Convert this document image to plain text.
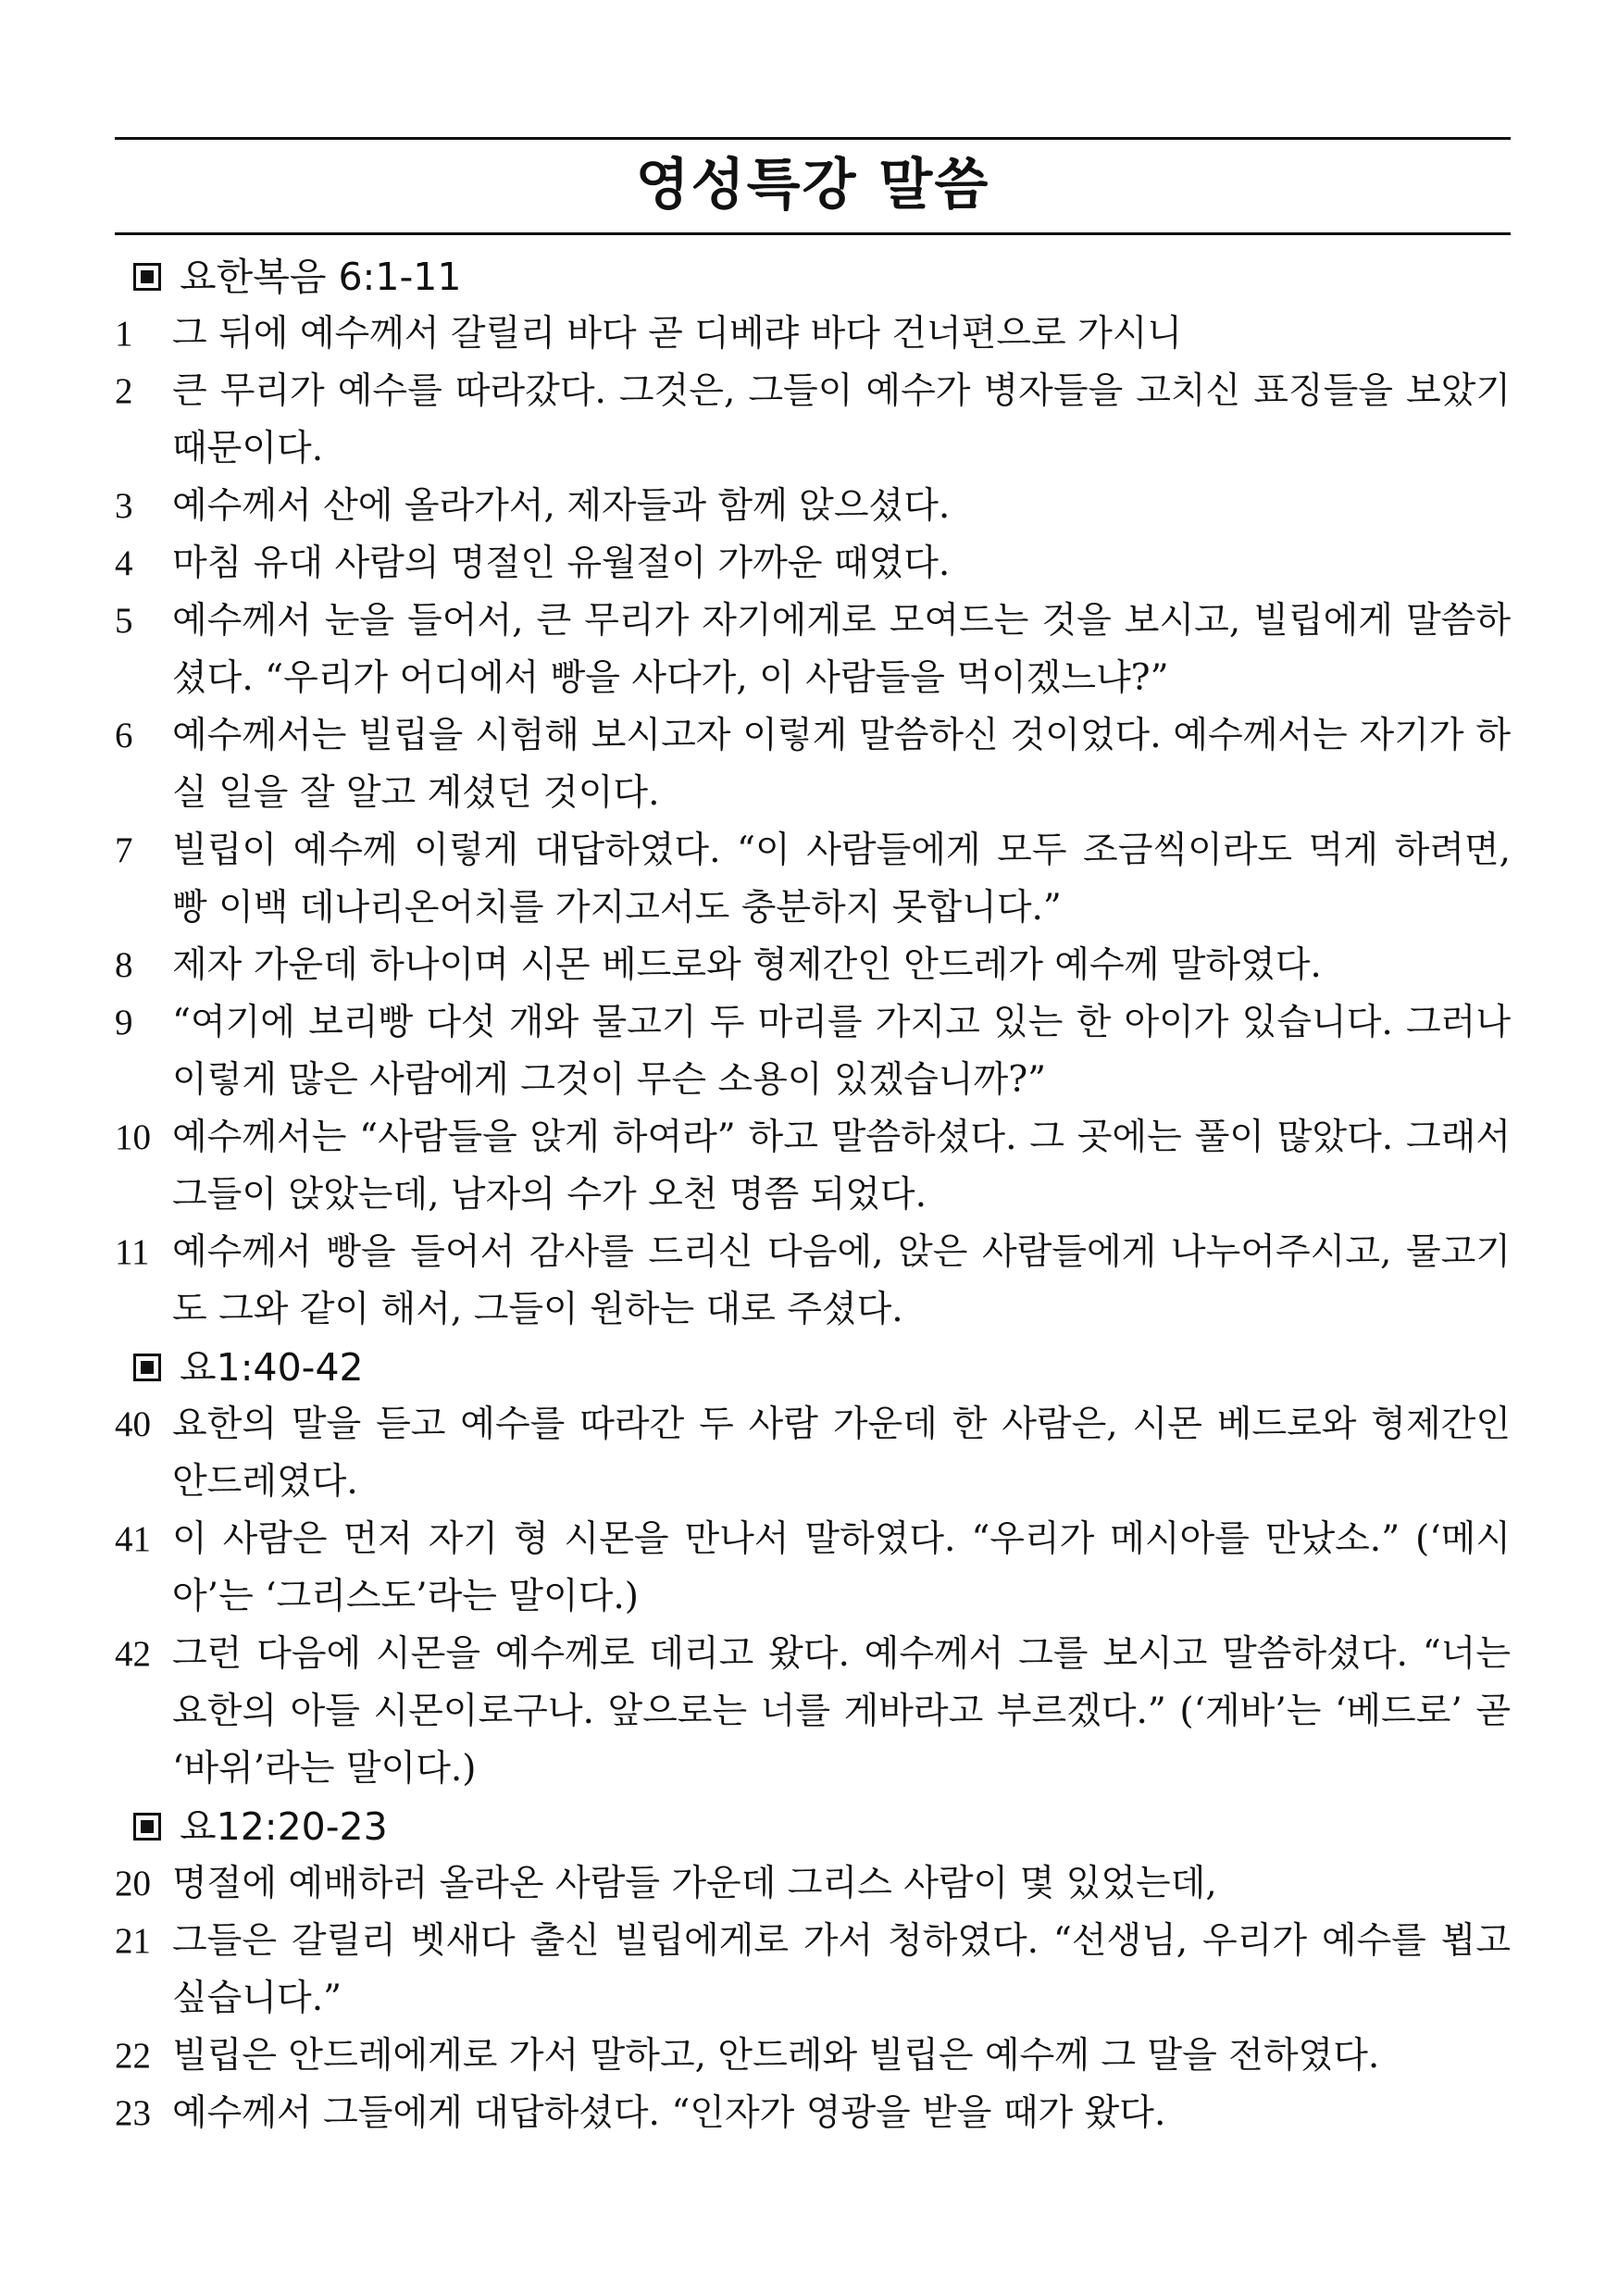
영성특강 말씀
요한복음 6:1-11
1	그 뒤에 예수께서 갈릴리 바다 곧 디베랴 바다 건너편으로 가시니
2	큰 무리가 예수를 따라갔다. 그것은, 그들이 예수가 병자들을 고치신 표징들을 보았기 때문이다.
3	예수께서 산에 올라가서, 제자들과 함께 앉으셨다.
4	마침 유대 사람의 명절인 유월절이 가까운 때였다.
5	예수께서 눈을 들어서, 큰 무리가 자기에게로 모여드는 것을 보시고, 빌립에게 말씀하셨다. “우리가 어디에서 빵을 사다가, 이 사람들을 먹이겠느냐?”
6	예수께서는 빌립을 시험해 보시고자 이렇게 말씀하신 것이었다. 예수께서는 자기가 하실 일을 잘 알고 계셨던 것이다.
7	빌립이 예수께 이렇게 대답하였다. “이 사람들에게 모두 조금씩이라도 먹게 하려면, 빵 이백 데나리온어치를 가지고서도 충분하지 못합니다.”
8	제자 가운데 하나이며 시몬 베드로와 형제간인 안드레가 예수께 말하였다.
9	“여기에 보리빵 다섯 개와 물고기 두 마리를 가지고 있는 한 아이가 있습니다. 그러나 이렇게 많은 사람에게 그것이 무슨 소용이 있겠습니까?”
10 예수께서는 “사람들을 앉게 하여라” 하고 말씀하셨다. 그 곳에는 풀이 많았다. 그래서 그들이 앉았는데, 남자의 수가 오천 명쯤 되었다.
11 예수께서 빵을 들어서 감사를 드리신 다음에, 앉은 사람들에게 나누어주시고, 물고기도 그와 같이 해서, 그들이 원하는 대로 주셨다.
요1:40-42
40 요한의 말을 듣고 예수를 따라간 두 사람 가운데 한 사람은, 시몬 베드로와 형제간인 안드레였다.
41 이 사람은 먼저 자기 형 시몬을 만나서 말하였다. “우리가 메시아를 만났소.” (‘메시아’는 ‘그리스도’라는 말이다.)
42 그런 다음에 시몬을 예수께로 데리고 왔다. 예수께서 그를 보시고 말씀하셨다. “너는 요한의 아들 시몬이로구나. 앞으로는 너를 게바라고 부르겠다.” (‘게바’는 ‘베드로’ 곧 ‘바위’라는 말이다.)
요12:20-23
20 명절에 예배하러 올라온 사람들 가운데 그리스 사람이 몇 있었는데,
21 그들은 갈릴리 벳새다 출신 빌립에게로 가서 청하였다. “선생님, 우리가 예수를 뵙고 싶습니다.”
22 빌립은 안드레에게로 가서 말하고, 안드레와 빌립은 예수께 그 말을 전하였다.
23 예수께서 그들에게 대답하셨다. “인자가 영광을 받을 때가 왔다.
